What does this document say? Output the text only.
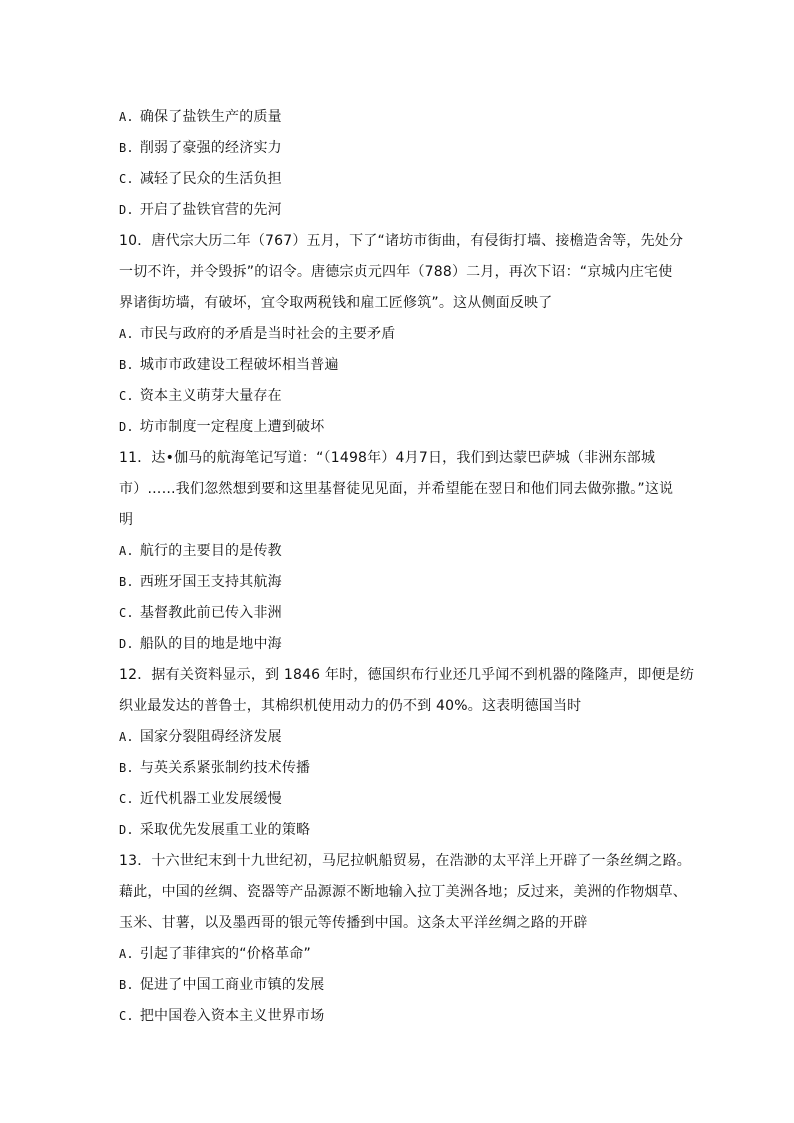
A. 确保了盐铁生产的质量
B. 削弱了豪强的经济实力
C. 减轻了民众的生活负担
D. 开启了盐铁官营的先河
10．唐代宗大历二年（767）五月，下了“诸坊市街曲，有侵街打墙、接檐造舍等，先处分
一切不许，并令毁拆”的诏令。唐德宗贞元四年（788）二月，再次下诏：“京城内庄宅使
界诸街坊墙，有破坏，宜令取两税钱和雇工匠修筑”。这从侧面反映了
A. 市民与政府的矛盾是当时社会的主要矛盾
B. 城市市政建设工程破坏相当普遍
C. 资本主义萌芽大量存在
D. 坊市制度一定程度上遭到破坏
11．达•伽马的航海笔记写道：“（1498年）4月7日，我们到达蒙巴萨城（非洲东部城
市）……我们忽然想到要和这里基督徒见见面，并希望能在翌日和他们同去做弥撒。”这说
明
A. 航行的主要目的是传教
B. 西班牙国王支持其航海
C. 基督教此前已传入非洲
D. 船队的目的地是地中海
12．据有关资料显示，到 1846 年时，德国织布行业还几乎闻不到机器的隆隆声，即便是纺
织业最发达的普鲁士，其棉织机使用动力的仍不到 40%。这表明德国当时
A. 国家分裂阻碍经济发展
B. 与英关系紧张制约技术传播
C. 近代机器工业发展缓慢
D. 采取优先发展重工业的策略
13．十六世纪末到十九世纪初，马尼拉帆船贸易，在浩渺的太平洋上开辟了一条丝绸之路。
藉此，中国的丝绸、瓷器等产品源源不断地输入拉丁美洲各地；反过来，美洲的作物烟草、
玉米、甘薯，以及墨西哥的银元等传播到中国。这条太平洋丝绸之路的开辟
A. 引起了菲律宾的“价格革命”
B. 促进了中国工商业市镇的发展
C. 把中国卷入资本主义世界市场
